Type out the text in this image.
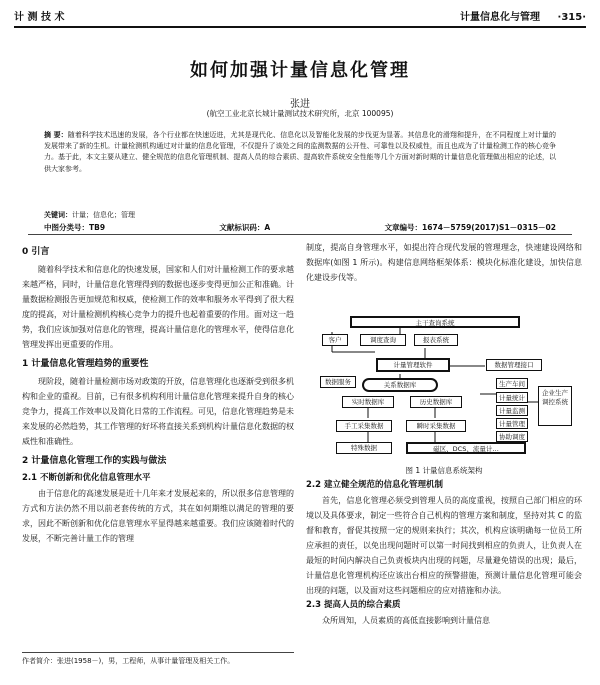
计 测 技 术	计量信息化与管理 ·315·
如何加强计量信息化管理
张进
(航空工业北京长城计量测试技术研究所，北京 100095)
摘 要：随着科学技术迅速的发展，各个行业都在快速迈进，尤其是现代化、信息化以及智能化发展的步伐更为显著。其信息化的滑翔和提升，在不同程度上对计量的发展带来了新的生机。计量检测机构通过对计量的信息化管理，不仅提升了该处之间的监测数据的公开性、可靠性以及权威性，而且也成为了计量检测工作的核心竞争力。基于此，本文主要从建立、健全规范的信息化管理机制、提高人员的综合素质、提高软件系统安全性能等几个方面对新时期的计量信息化管理做出相应的论述，以供大家参考。
关键词：计量；信息化；管理
中图分类号：TB9	文献标识码：A	文章编号：1674－5759(2017)S1－0315－02
0 引言

随着科学技术和信息化的快速发展，国家和人们对计量检测工作的要求越来越严格，同时，计量信息化管理得到的数据也逐步变得更加公正和准确。计量数据检测报告更加规范和权威，使检测工作的效率和服务水平得到了很大程度的提高，对计量检测机构核心竞争力的提升也起着重要的作用。面对这一趋势，我们应该加强对信息化的管理，提高计量信息化的管理水平，使得信息化管理发挥出更重要的作用。

1 计量信息化管理趋势的重要性

现阶段，随着计量检测市场对政策的开放，信息管理化也逐渐受到很多机构和企业的重视。目前，已有很多机构利用计量信息化管理来提升自身的核心竞争力，提高工作效率以及简化日常的工作流程。可见，信息化管理趋势是未来发展的必然趋势，其工作管理的好坏将直接关系到机构计量信息化数据的权威性和准确性。

2 计量信息化管理工作的实践与做法
2.1 不断创新和优化信息管理水平

由于信息化的高速发展是近十几年来才发展起来的，所以很多信息管理的方式和方法仍然不用以前老套传统的方式，其在如何期维以满足的管理的要求，因此不断创新和优化信息管理水平显得越来越重要。我们应该随着时代的发展，不断完善计量工作的管理

作者简介：张进(1958－)，男，工程师，从事计量管理及相关工作。

制度，提高自身管理水平，如提出符合现代发展的管理理念，快速建设网络和数据库(如图 1 所示)。构建信息网络框架体系：模块化标准化建设，加快信息化建设步伐等。

主干查询系统
客户	调度查询	报表系统
计量管理软件	数据管理接口
数据服务	关系数据库
实时数据库	历史数据库
手工采集数据	瞬时采集数据
特殊数据	磁区、DCS、流量计…
生产车间
计量统计
计量监测
计量管理
协助调度
企业生产调控系统
图 1 计量信息系统架构
2.2 建立健全规范的信息化管理机制

首先，信息化管理必须受到管理人员的高度重视，按照自己部门相应的环境以及具体要求，制定一些符合自己机构的管理方案和制度，坚持对其 C 的监督和教育，督促其按照一定的规则来执行；其次，机构应该明确每一位员工所应承担的责任，以免出现问题时可以第一时间找到相应的负责人，让负责人在最短的时间内解决自己负责板块内出现的问题，尽量避免错误的出现；最后，计量信息化管理机构还应该出台相应的预警措施，预测计量信息化管理可能会出现的问题，以及面对这些问题相应的应对措施和办法。

2.3 提高人员的综合素质

众所周知，人员素质的高低直接影响到计量信息
